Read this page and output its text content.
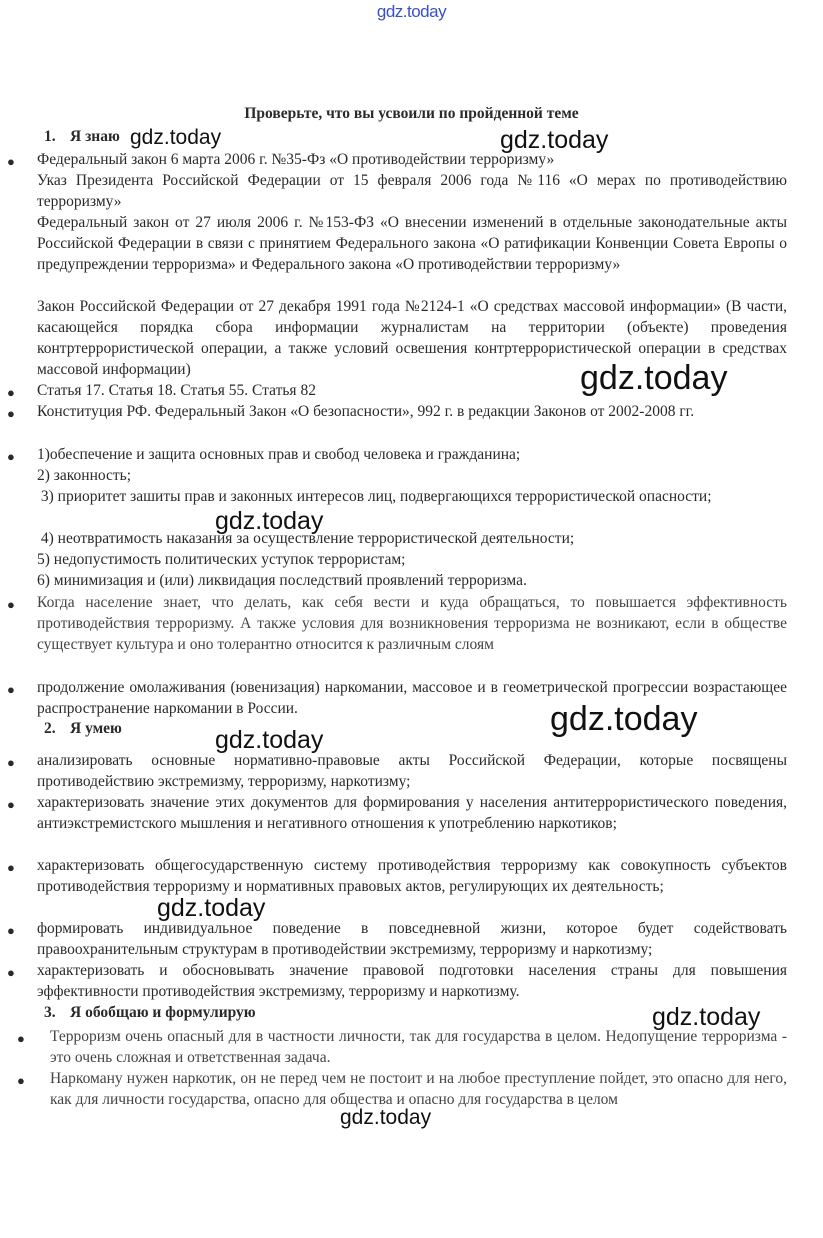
gdz.today
Проверьте, что вы усвоили по пройденной теме
1. Я знаю
● Федеральный закон 6 марта 2006 г. №35-Фз «О противодействии терроризму»
Указ Президента Российской Федерации от 15 февраля 2006 года №116 «О мерах по противодействию терроризму»
Федеральный закон от 27 июля 2006 г. №153-ФЗ «О внесении изменений в отдельные законодательные акты Российской Федерации в связи с принятием Федерального закона «О ратификации Конвенции Совета Европы о предупреждении терроризма» и Федерального закона «О противодействии терроризму»
Закон Российской Федерации от 27 декабря 1991 года №2124-1 «О средствах массовой информации» (В части, касающейся порядка сбора информации журналистам на территории (объекте) проведения контртеррористической операции, а также условий освешения контртеррористической операции в средствах массовой информации)
● Статья 17. Статья 18. Статья 55. Статья 82
● Конституция РФ. Федеральный Закон «О безопасности», 992 г. в редакции Законов от 2002-2008 гг.
● 1)обеспечение и защита основных прав и свобод человека и гражданина;
2) законность;
3) приоритет зашиты прав и законных интересов лиц, подвергающихся террористической опасности;
4) неотвратимость наказания за осуществление террористической деятельности;
5) недопустимость политических уступок террористам;
6) минимизация и (или) ликвидация последствий проявлений терроризма.
● Когда население знает, что делать, как себя вести и куда обращаться, то повышается эффективность противодействия терроризму. А также условия для возникновения терроризма не возникают, если в обществе существует культура и оно толерантно относится к различным слоям
● продолжение омолаживания (ювенизация) наркомании, массовое и в геометрической прогрессии возрастающее распространение наркомании в России.
2. Я умею
● анализировать основные нормативно-правовые акты Российской Федерации, которые посвящены противодействию экстремизму, терроризму, наркотизму;
● характеризовать значение этих документов для формирования у населения антитеррористического поведения, антиэкстремистского мышления и негативного отношения к употреблению наркотиков;
● характеризовать общегосударственную систему противодействия терроризму как совокупность субъектов противодействия терроризму и нормативных правовых актов, регулирующих их деятельность;
● формировать индивидуальное поведение в повседневной жизни, которое будет содействовать правоохранительным структурам в противодействии экстремизму, терроризму и наркотизму;
● характеризовать и обосновывать значение правовой подготовки населения страны для повышения эффективности противодействия экстремизму, терроризму и наркотизму.
3. Я обобщаю и формулирую
● Терроризм очень опасный для в частности личности, так для государства в целом. Недопущение терроризма - это очень сложная и ответственная задача.
● Наркоману нужен наркотик, он не перед чем не постоит и на любое преступление пойдет, это опасно для него, как для личности государства, опасно для общества и опасно для государства в целом
gdz.today	gdz.today
gdz.today
gdz.today
gdz.today
gdz.today
gdz.today
gdz.today
gdz.today
